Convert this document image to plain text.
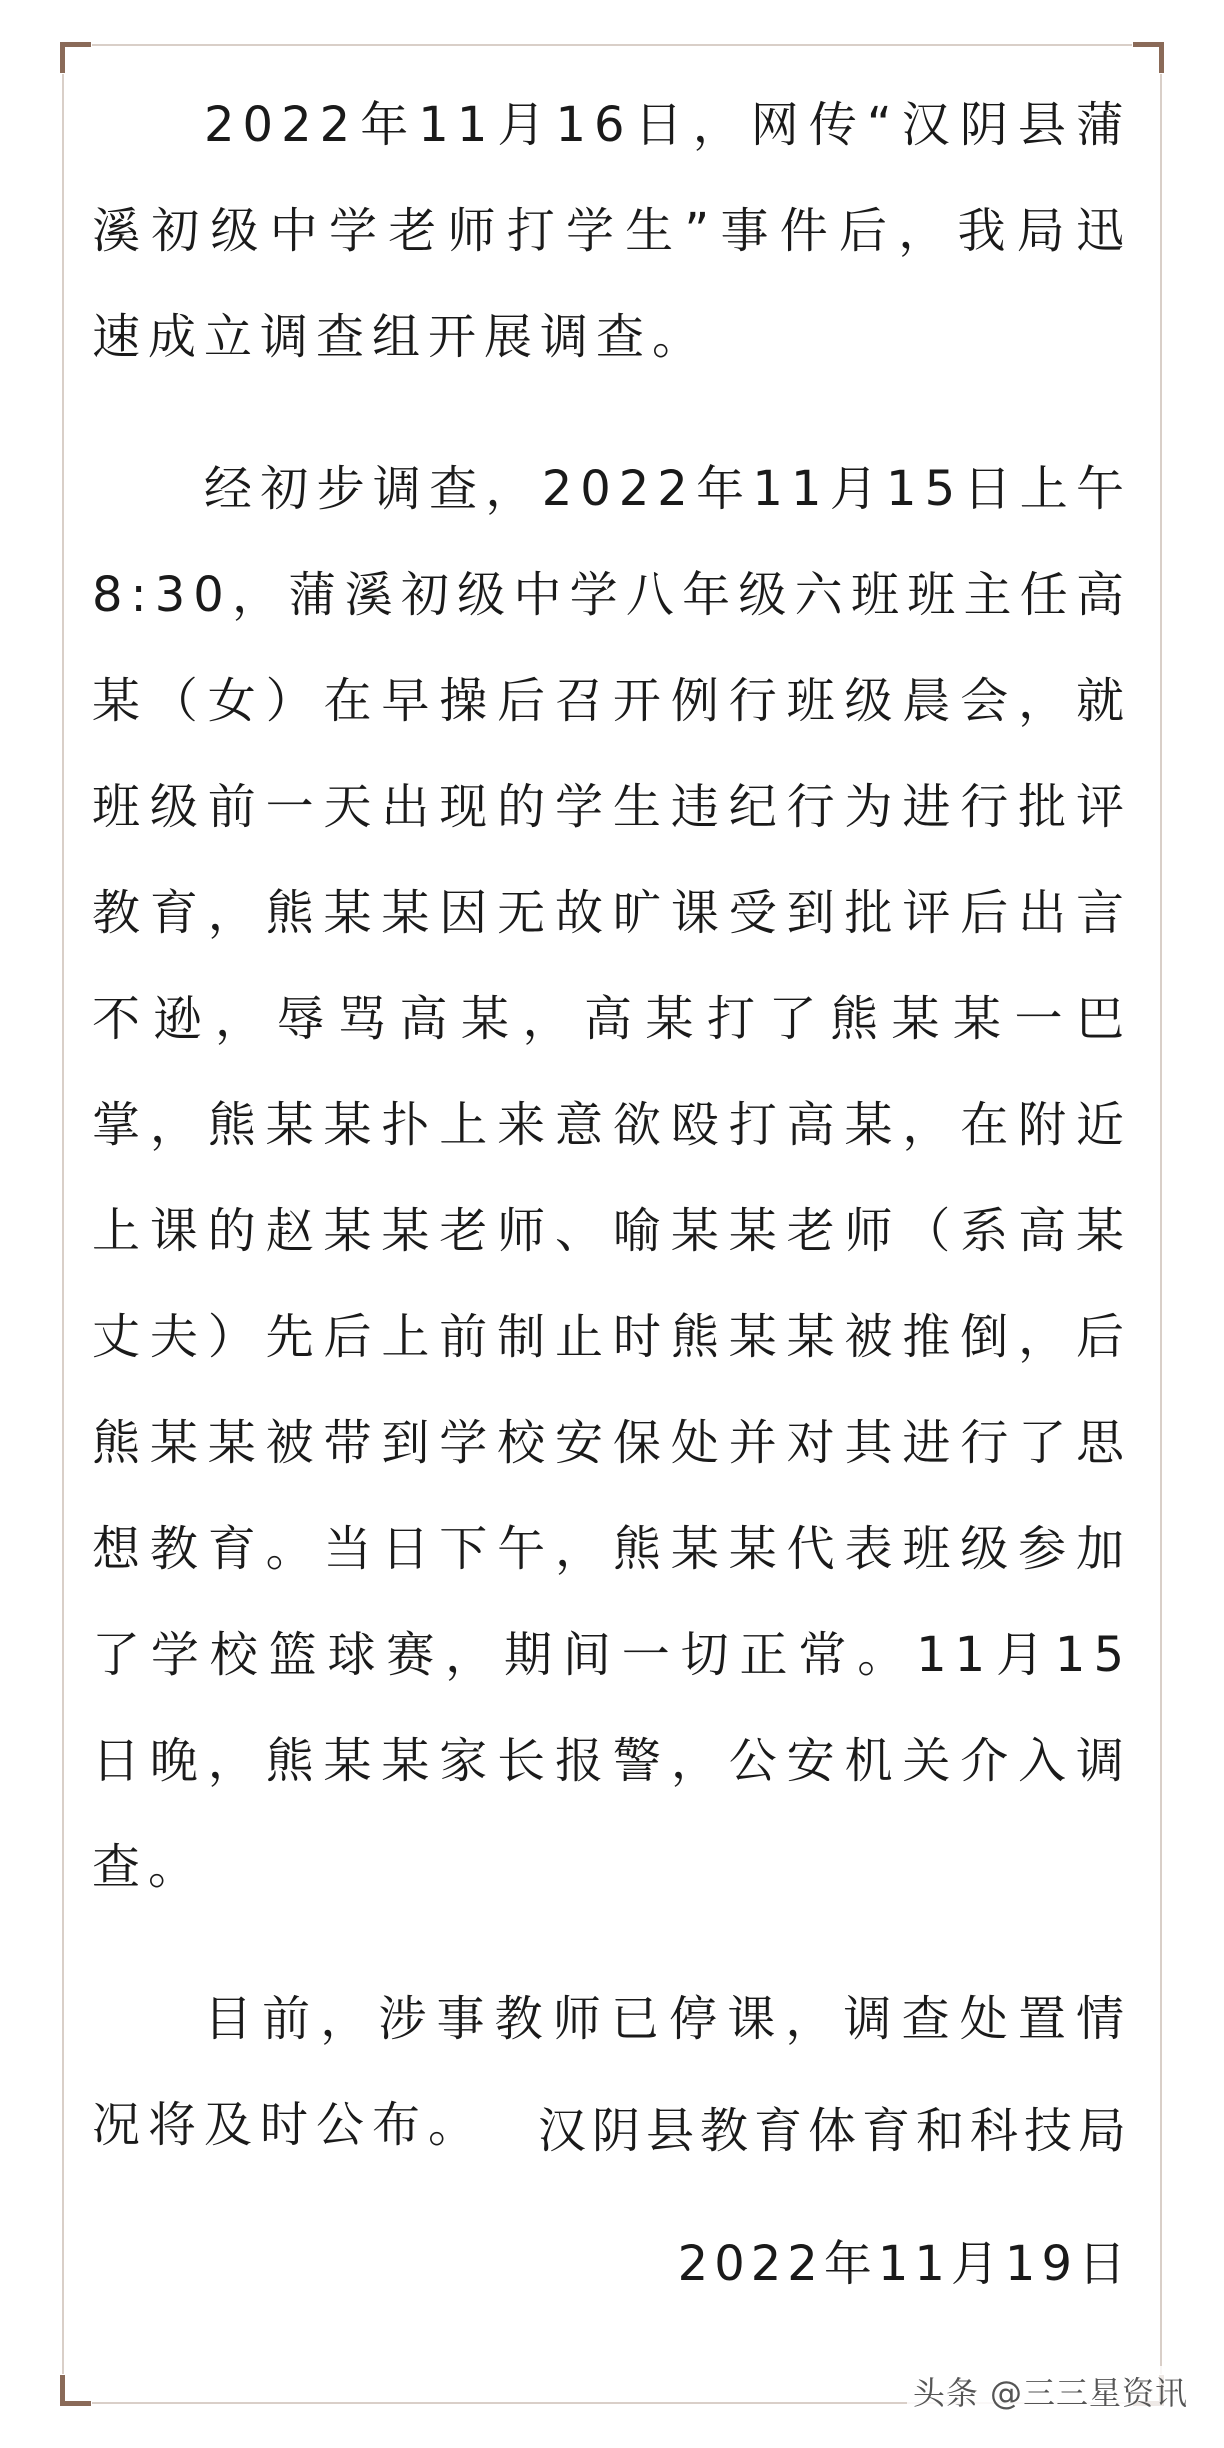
2022年11月16日，网传“汉阴县蒲溪初级中学老师打学生”事件后，我局迅速成立调查组开展调查。

经初步调查，2022年11月15日上午8:30，蒲溪初级中学八年级六班班主任高某（女）在早操后召开例行班级晨会，就班级前一天出现的学生违纪行为进行批评教育，熊某某因无故旷课受到批评后出言不逊，辱骂高某，高某打了熊某某一巴掌，熊某某扑上来意欲殴打高某，在附近上课的赵某某老师、喻某某老师（系高某丈夫）先后上前制止时熊某某被推倒，后熊某某被带到学校安保处并对其进行了思想教育。当日下午，熊某某代表班级参加了学校篮球赛，期间一切正常。11月15日晚，熊某某家长报警，公安机关介入调查。

目前，涉事教师已停课，调查处置情况将及时公布。	汉阴县教育体育和科技局
2022年11月19日
头条 @三三星资讯
